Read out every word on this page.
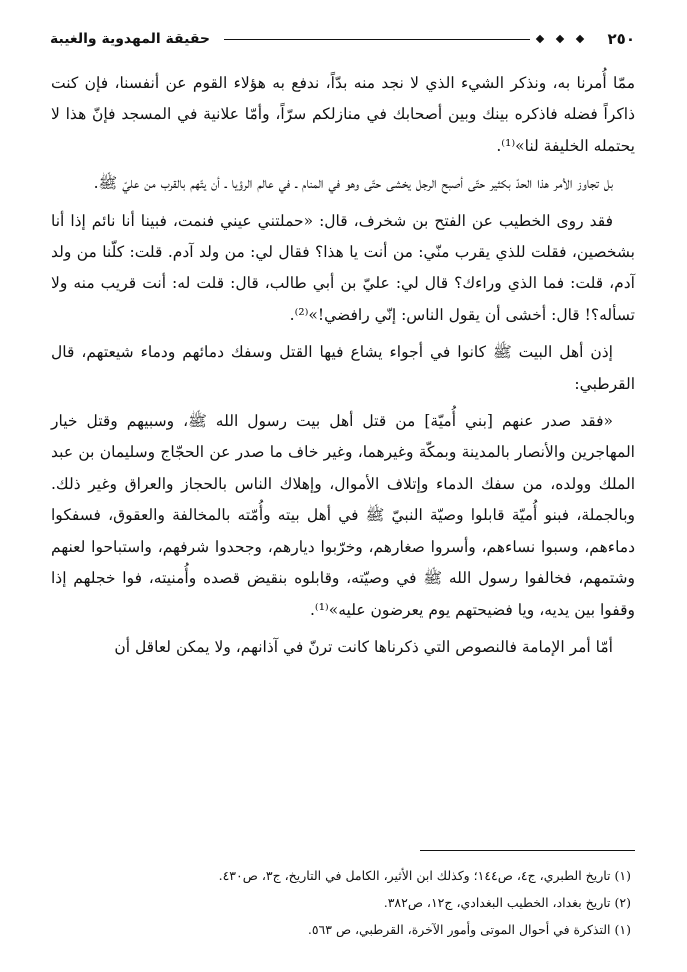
٢٥٠
حقيقة المهدوية والغيبة

ممّا أُمرنا به، ونذكر الشيء الذي لا نجد منه بدّاً، ندفع به هؤلاء القوم عن أنفسنا، فإن كنت ذاكراً فضله فاذكره بينك وبين أصحابك في منازلكم سرّاً، وأمّا علانية في المسجد فإنّ هذا لا يحتمله الخليفة لنا»⁽¹⁾.

بل تجاوز الأمر هذا الحدّ بكثير حتّى أصبح الرجل يخشى حتّى وهو في المنام ـ في عالم الرؤيا ـ أن يتّهم بالقرب من عليّ ﷺ.

فقد روى الخطيب عن الفتح بن شخرف، قال: «حملتني عيني فنمت، فبينا أنا نائم إذا أنا بشخصين، فقلت للذي يقرب منّي: من أنت يا هذا؟ فقال لي: من ولد آدم. قلت: كلّنا من ولد آدم، قلت: فما الذي وراءك؟ قال لي: عليّ بن أبي طالب، قال: قلت له: أنت قريب منه ولا تسأله؟! قال: أخشى أن يقول الناس: إنّي رافضي!»⁽²⁾.

إذن أهل البيت ﷺ كانوا في أجواء يشاع فيها القتل وسفك دمائهم ودماء شيعتهم، قال القرطبي:

«فقد صدر عنهم [بني أُميّة] من قتل أهل بيت رسول الله ﷺ، وسبيهم وقتل خيار المهاجرين والأنصار بالمدينة وبمكّة وغيرهما، وغير خاف ما صدر عن الحجّاج وسليمان بن عبد الملك وولده، من سفك الدماء وإتلاف الأموال، وإهلاك الناس بالحجاز والعراق وغير ذلك. وبالجملة، فبنو أُميّة قابلوا وصيّة النبيّ ﷺ في أهل بيته وأُمّته بالمخالفة والعقوق، فسفكوا دماءهم، وسبوا نساءهم، وأسروا صغارهم، وخرّبوا ديارهم، وجحدوا شرفهم، واستباحوا لعنهم وشتمهم، فخالفوا رسول الله ﷺ في وصيّته، وقابلوه بنقيض قصده وأُمنيته، فوا خجلهم إذا وقفوا بين يديه، ويا فضيحتهم يوم يعرضون عليه»⁽¹⁾.

أمّا أمر الإمامة فالنصوص التي ذكرناها كانت ترنّ في آذانهم، ولا يمكن لعاقل أن

(١) تاريخ الطبري، ج٤، ص١٤٤؛ وكذلك ابن الأثير، الكامل في التاريخ، ج٣، ص٤٣٠.

(٢) تاريخ بغداد، الخطيب البغدادي، ج١٢، ص٣٨٢.

(١) التذكرة في أحوال الموتى وأمور الآخرة، القرطبي، ص ٥٦٣.
